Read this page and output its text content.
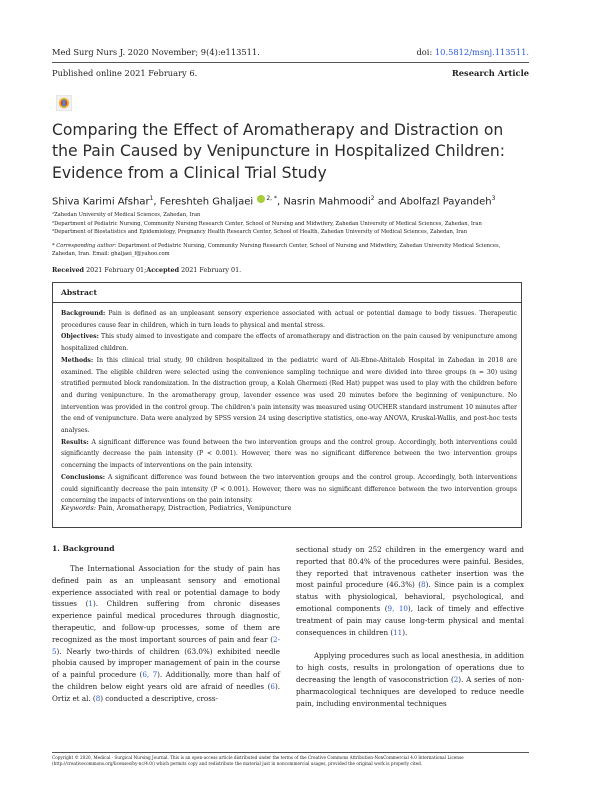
Med Surg Nurs J. 2020 November; 9(4):e113511.	doi: 10.5812/msnj.113511.
Published online 2021 February 6.	Research Article
Comparing the Effect of Aromatherapy and Distraction on the Pain Caused by Venipuncture in Hospitalized Children: Evidence from a Clinical Trial Study
Shiva Karimi Afshar$^1$, Fereshteh Ghaljaei $^{2, *}$, Nasrin Mahmoodi$^2$ and Abolfazl Payandeh$^3$
¹Zahedan University of Medical Sciences, Zahedan, Iran
²Department of Pediatric Nursing, Community Nursing Research Center, School of Nursing and Midwifery, Zahedan University of Medical Sciences, Zahedan, Iran
³Department of Biostatistics and Epidemiology, Pregnancy Health Research Center, School of Health, Zahedan University of Medical Sciences, Zahedan, Iran
* Corresponding author: Department of Pediatric Nursing, Community Nursing Research Center, School of Nursing and Midwifery, Zahedan University Medical Sciences, Zahedan, Iran. Email: ghaljaei_f@yahoo.com
Received 2021 February 01;Accepted 2021 February 01.
Abstract

Background: Pain is defined as an unpleasant sensory experience associated with actual or potential damage to body tissues. Therapeutic procedures cause fear in children, which in turn leads to physical and mental stress.

Objectives: This study aimed to investigate and compare the effects of aromatherapy and distraction on the pain caused by venipuncture among hospitalized children.

Methods: In this clinical trial study, 90 children hospitalized in the pediatric ward of Ali-Ebne-Abitaleb Hospital in Zahedan in 2018 are examined. The eligible children were selected using the convenience sampling technique and were divided into three groups (n = 30) using stratified permuted block randomization. In the distraction group, a Kolah Ghermezi (Red Hat) puppet was used to play with the children before and during venipuncture. In the aromatherapy group, lavender essence was used 20 minutes before the beginning of venipuncture. No intervention was provided in the control group. The children's pain intensity was measured using OUCHER standard instrument 10 minutes after the end of venipuncture. Data were analyzed by SPSS version 24 using descriptive statistics, one-way ANOVA, Kruskal-Wallis, and post-hoc tests analyses.

Results: A significant difference was found between the two intervention groups and the control group. Accordingly, both interventions could significantly decrease the pain intensity (P < 0.001). However, there was no significant difference between the two intervention groups concerning the impacts of interventions on the pain intensity.

Conclusions: A significant difference was found between the two intervention groups and the control group. Accordingly, both interventions could significantly decrease the pain intensity (P < 0.001). However, there was no significant difference between the two intervention groups concerning the impacts of interventions on the pain intensity.

Keywords: Pain, Aromatherapy, Distraction, Pediatrics, Venipuncture
1. Background

The International Association for the study of pain has defined pain as an unpleasant sensory and emotional experience associated with real or potential damage to body tissues (1). Children suffering from chronic diseases experience painful medical procedures through diagnostic, therapeutic, and follow-up processes, some of them are recognized as the most important sources of pain and fear (2-5). Nearly two-thirds of children (63.0%) exhibited needle phobia caused by improper management of pain in the course of a painful procedure (6, 7). Additionally, more than half of the children below eight years old are afraid of needles (6). Ortiz et al. (8) conducted a descriptive, cross-

sectional study on 252 children in the emergency ward and reported that 80.4% of the procedures were painful. Besides, they reported that intravenous catheter insertion was the most painful procedure (46.3%) (8). Since pain is a complex status with physiological, behavioral, psychological, and emotional components (9, 10), lack of timely and effective treatment of pain may cause long-term physical and mental consequences in children (11).

Applying procedures such as local anesthesia, in addition to high costs, results in prolongation of operations due to decreasing the length of vasoconstriction (2). A series of non-pharmacological techniques are developed to reduce needle pain, including environmental techniques

Copyright © 2020, Medical - Surgical Nursing Journal. This is an open-access article distributed under the terms of the Creative Commons Attribution-NonCommercial 4.0 International License (http://creativecommons.org/licenses/by-nc/4.0/) which permits copy and redistribute the material just in noncommercial usages, provided the original work is properly cited.
